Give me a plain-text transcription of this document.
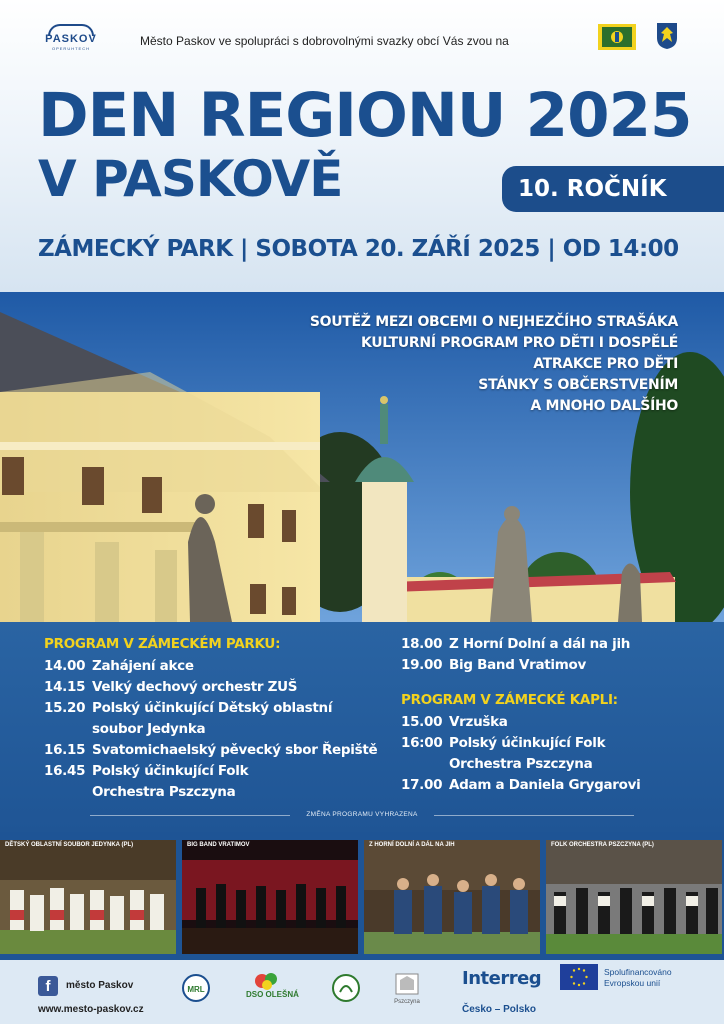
PASKOV
OPERUHTECH
Město Paskov ve spolupráci s dobrovolnými svazky obcí Vás zvou na
DEN REGIONU 2025
V PASKOVĚ	10. ROČNÍK
ZÁMECKÝ PARK | SOBOTA 20. ZÁŘÍ 2025 | OD 14:00
SOUTĚŽ MEZI OBCEMI O NEJHEZČÍHO STRAŠÁKA
KULTURNÍ PROGRAM PRO DĚTI I DOSPĚLÉ
ATRAKCE PRO DĚTI
STÁNKY S OBČERSTVENÍM
A MNOHO DALŠÍHO
PROGRAM V ZÁMECKÉM PARKU:
14.00 Zahájení akce
14.15 Velký dechový orchestr ZUŠ
15.20 Polský účinkující Dětský oblastní
soubor Jedynka
16.15 Svatomichaelský pěvecký sbor Řepiště
16.45 Polský účinkující Folk
Orchestra Pszczyna
18.00 Z Horní Dolní a dál na jih
19.00 Big Band Vratimov
PROGRAM V ZÁMECKÉ KAPLI:
15.00 Vrzuška
16:00 Polský účinkující Folk
Orchestra Pszczyna
17.00 Adam a Daniela Grygarovi
ZMĚNA PROGRAMU VYHRAZENA
DĚTSKÝ OBLASTNÍ SOUBOR JEDYNKA (PL)	BIG BAND VRATIMOV	Z HORNÍ DOLNÍ A DÁL NA JIH	FOLK ORCHESTRA PSZCZYNA (PL)
f	město Paskov
www.mesto-paskov.cz
MRL
DSO OLEŠNÁ
Pszczyna
Interreg
Česko – Polsko
Spolufinancováno
Evropskou unií
